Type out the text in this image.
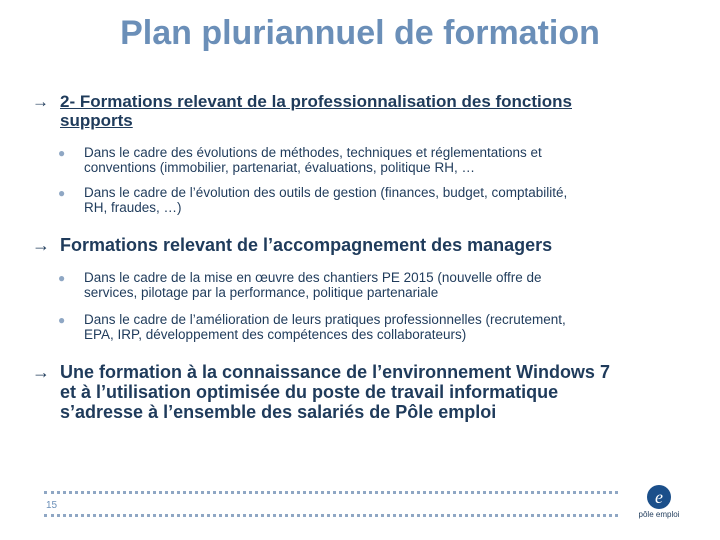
Plan pluriannuel de formation
→ 2- Formations relevant de la professionnalisation des fonctions
supports
●	Dans le cadre des évolutions de méthodes, techniques et réglementations et
conventions (immobilier, partenariat, évaluations, politique RH, …
●	Dans le cadre de l’évolution des outils de gestion (finances, budget, comptabilité,
RH, fraudes, …)
→ Formations relevant de l’accompagnement des managers
●	Dans le cadre de la mise en œuvre des chantiers PE 2015 (nouvelle offre de
services, pilotage par la performance, politique partenariale
●	Dans le cadre de l’amélioration de leurs pratiques professionnelles (recrutement,
EPA, IRP, développement des compétences des collaborateurs)
→ Une formation à la connaissance de l’environnement Windows 7
et à l’utilisation optimisée du poste de travail informatique
s’adresse à l’ensemble des salariés de Pôle emploi
15	e
pôle emploi
